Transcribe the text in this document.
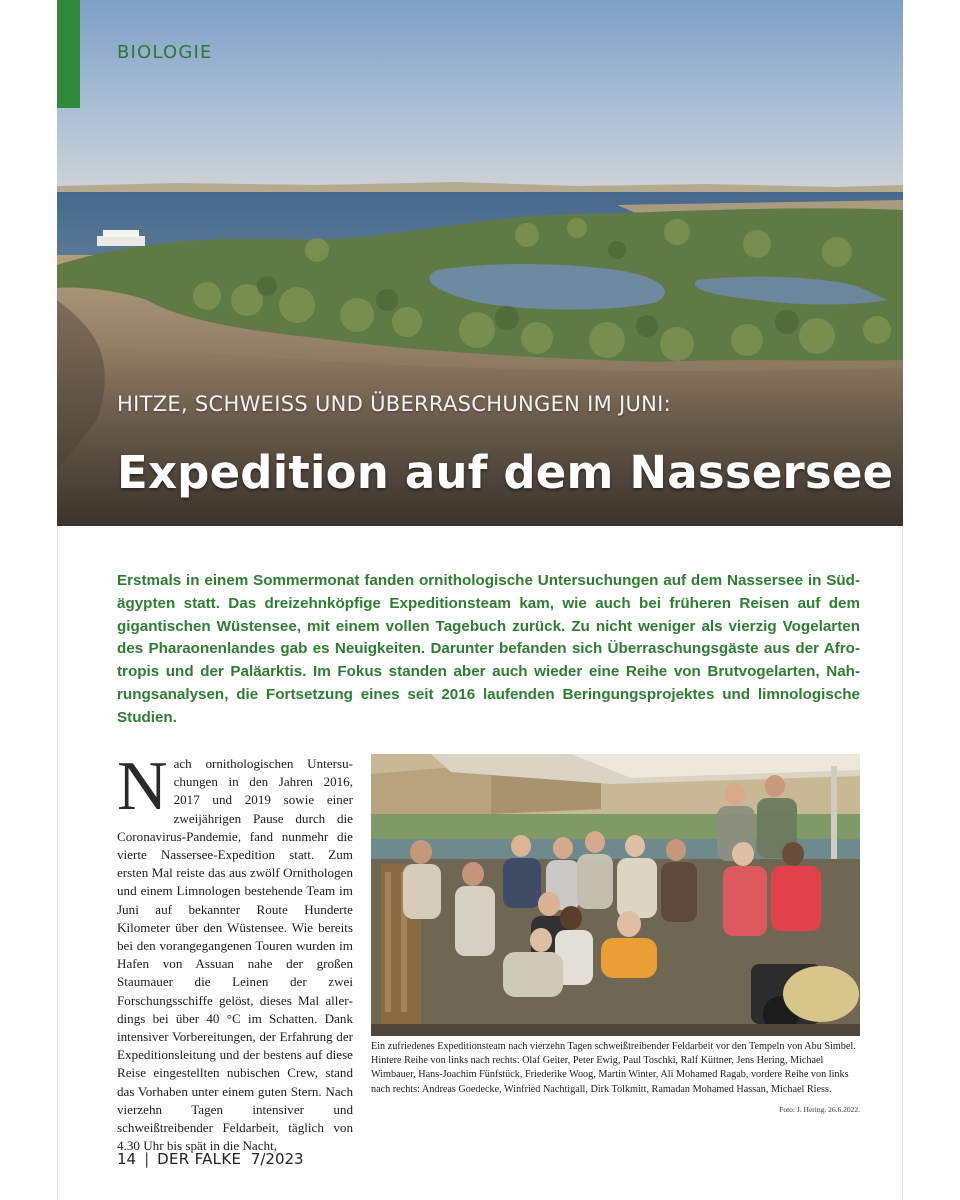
BIOLOGIE
HITZE, SCHWEISS UND ÜBERRASCHUNGEN IM JUNI:
Expedition auf dem Nassersee
Erstmals in einem Sommermonat fanden ornithologische Untersuchungen auf dem Nassersee in Südägypten statt. Das dreizehnköpfige Expeditionsteam kam, wie auch bei früheren Reisen auf dem gigantischen Wüstensee, mit einem vollen Tagebuch zurück. Zu nicht weniger als vierzig Vogelarten des Pharaonenlandes gab es Neuigkeiten. Darunter befanden sich Überraschungsgäste aus der Afrotropis und der Paläarktis. Im Fokus standen aber auch wieder eine Reihe von Brutvogelarten, Nahrungsanalysen, die Fortsetzung eines seit 2016 laufenden Beringungsprojektes und limnologische Studien.
Nach ornithologischen Untersuchungen in den Jahren 2016, 2017 und 2019 sowie einer zweijährigen Pause durch die Coronavirus-Pandemie, fand nunmehr die vierte Nassersee-Expedition statt. Zum ersten Mal reiste das aus zwölf Ornithologen und einem Limnologen bestehende Team im Juni auf bekannter Route Hunderte Kilometer über den Wüstensee. Wie bereits bei den vorangegangenen Touren wurden im Hafen von Assuan nahe der großen Staumauer die Leinen der zwei Forschungsschiffe gelöst, dieses Mal allerdings bei über 40 °C im Schatten. Dank intensiver Vorbereitungen, der Erfahrung der Expeditionsleitung und der bestens auf diese Reise eingestellten nubischen Crew, stand das Vorhaben unter einem guten Stern. Nach vierzehn Tagen intensiver und schweißtreibender Feldarbeit, täglich von 4.30 Uhr bis spät in die Nacht,
Ein zufriedenes Expeditionsteam nach vierzehn Tagen schweißtreibender Feldarbeit vor den Tempeln von Abu Simbel. Hintere Reihe von links nach rechts: Olaf Geiter, Peter Ewig, Paul Toschki, Ralf Küttner, Jens Hering, Michael Wimbauer, Hans-Joachim Fünfstück, Friederike Woog, Martin Winter, Ali Mohamed Ragab, vordere Reihe von links nach rechts: Andreas Goedecke, Winfried Nachtigall, Dirk Tolkmitt, Ramadan Mohamed Hassan, Michael Riess.
Foto: J. Hering. 26.6.2022.
14 | DER FALKE 7/2023
